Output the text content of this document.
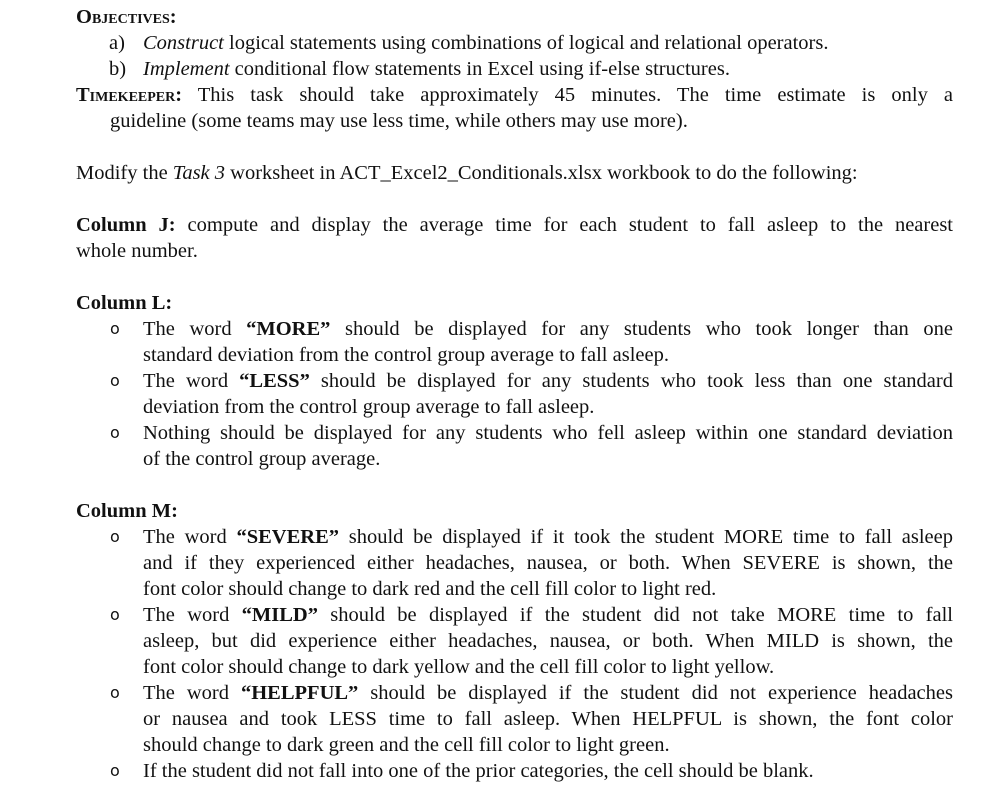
Objectives:
a) Construct logical statements using combinations of logical and relational operators.
b) Implement conditional flow statements in Excel using if-else structures.
Timekeeper: This task should take approximately 45 minutes. The time estimate is only a
guideline (some teams may use less time, while others may use more).
Modify the Task 3 worksheet in ACT_Excel2_Conditionals.xlsx workbook to do the following:
Column J: compute and display the average time for each student to fall asleep to the nearest
whole number.
Column L:
o The word “MORE” should be displayed for any students who took longer than one
standard deviation from the control group average to fall asleep.
o The word “LESS” should be displayed for any students who took less than one standard
deviation from the control group average to fall asleep.
o Nothing should be displayed for any students who fell asleep within one standard deviation
of the control group average.
Column M:
o The word “SEVERE” should be displayed if it took the student MORE time to fall asleep
and if they experienced either headaches, nausea, or both. When SEVERE is shown, the
font color should change to dark red and the cell fill color to light red.
o The word “MILD” should be displayed if the student did not take MORE time to fall
asleep, but did experience either headaches, nausea, or both. When MILD is shown, the
font color should change to dark yellow and the cell fill color to light yellow.
o The word “HELPFUL” should be displayed if the student did not experience headaches
or nausea and took LESS time to fall asleep. When HELPFUL is shown, the font color
should change to dark green and the cell fill color to light green.
o If the student did not fall into one of the prior categories, the cell should be blank.
